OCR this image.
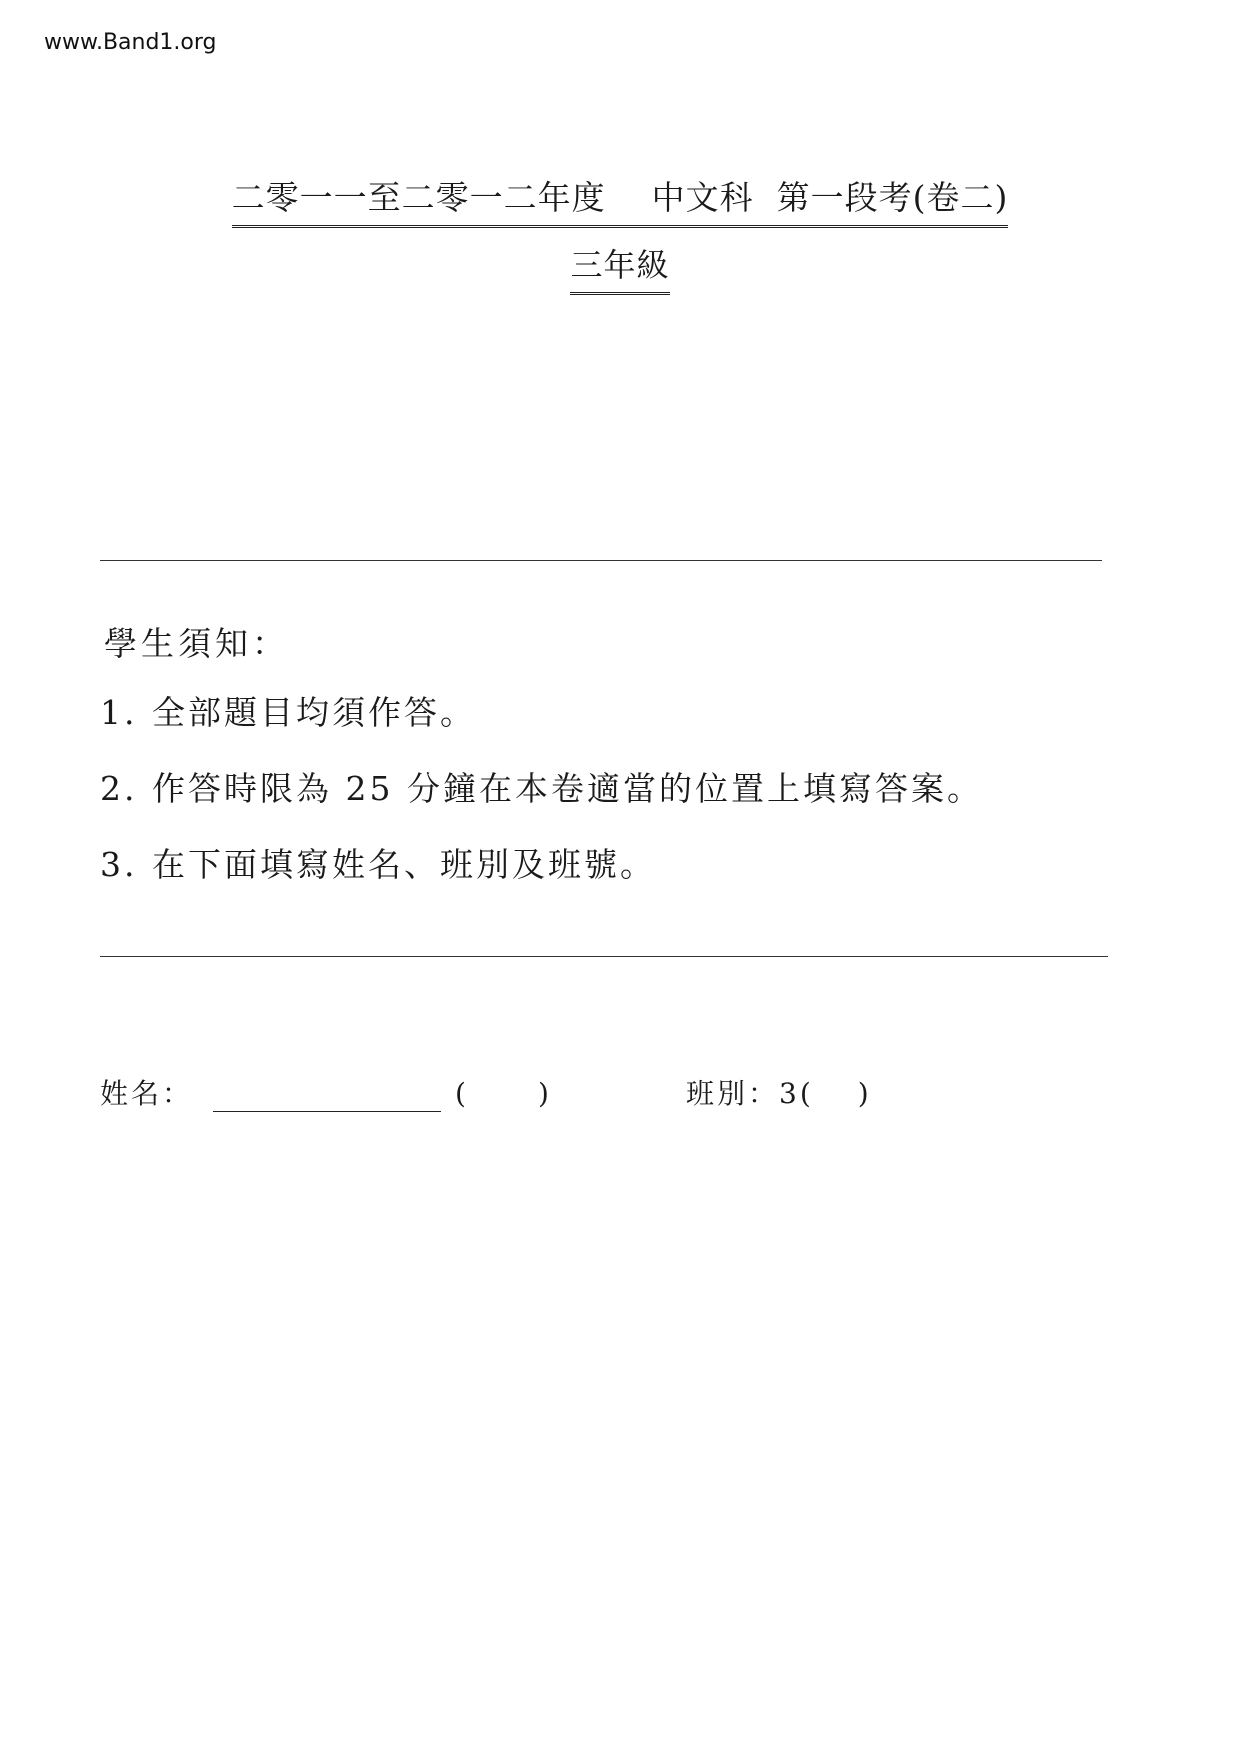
www.Band1.org
二零一一至二零一二年度    中文科  第一段考(卷二)
三年級
學生須知：
1. 全部題目均須作答。
2. 作答時限為 25 分鐘在本卷適當的位置上填寫答案。
3. 在下面填寫姓名、班別及班號。
姓名：	(	)	班別：3( )
